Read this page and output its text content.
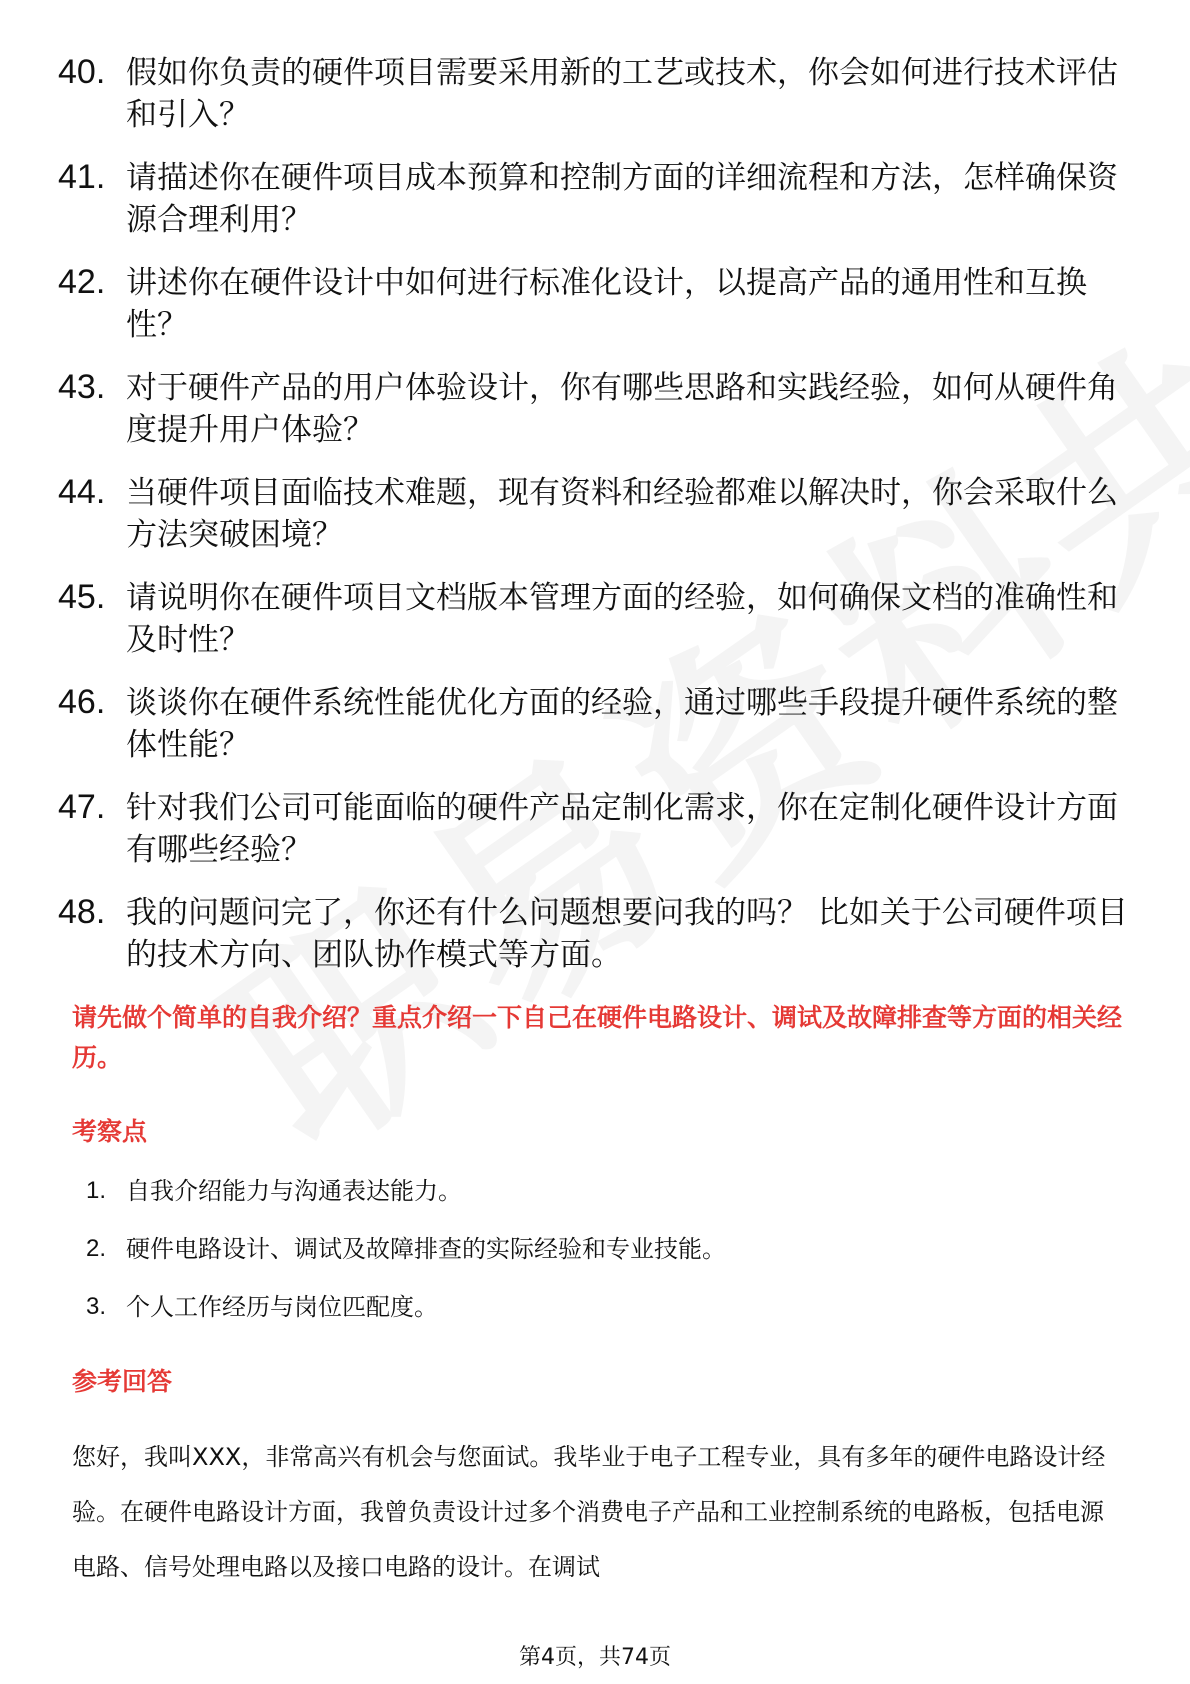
40. 假如你负责的硬件项目需要采用新的工艺或技术，你会如何进行技术评估和引入？
41. 请描述你在硬件项目成本预算和控制方面的详细流程和方法，怎样确保资源合理利用？
42. 讲述你在硬件设计中如何进行标准化设计，以提高产品的通用性和互换性？
43. 对于硬件产品的用户体验设计，你有哪些思路和实践经验，如何从硬件角度提升用户体验？
44. 当硬件项目面临技术难题，现有资料和经验都难以解决时，你会采取什么方法突破困境？
45. 请说明你在硬件项目文档版本管理方面的经验，如何确保文档的准确性和及时性？
46. 谈谈你在硬件系统性能优化方面的经验，通过哪些手段提升硬件系统的整体性能？
47. 针对我们公司可能面临的硬件产品定制化需求，你在定制化硬件设计方面有哪些经验？
48. 我的问题问完了，你还有什么问题想要问我的吗？ 比如关于公司硬件项目的技术方向、团队协作模式等方面。
请先做个简单的自我介绍？重点介绍一下自己在硬件电路设计、调试及故障排查等方面的相关经历。
考察点
1. 自我介绍能力与沟通表达能力。
2. 硬件电路设计、调试及故障排查的实际经验和专业技能。
3. 个人工作经历与岗位匹配度。
参考回答
您好，我叫XXX，非常高兴有机会与您面试。我毕业于电子工程专业，具有多年的硬件电路设计经验。在硬件电路设计方面，我曾负责设计过多个消费电子产品和工业控制系统的电路板，包括电源电路、信号处理电路以及接口电路的设计。在调试
第4页，共74页
